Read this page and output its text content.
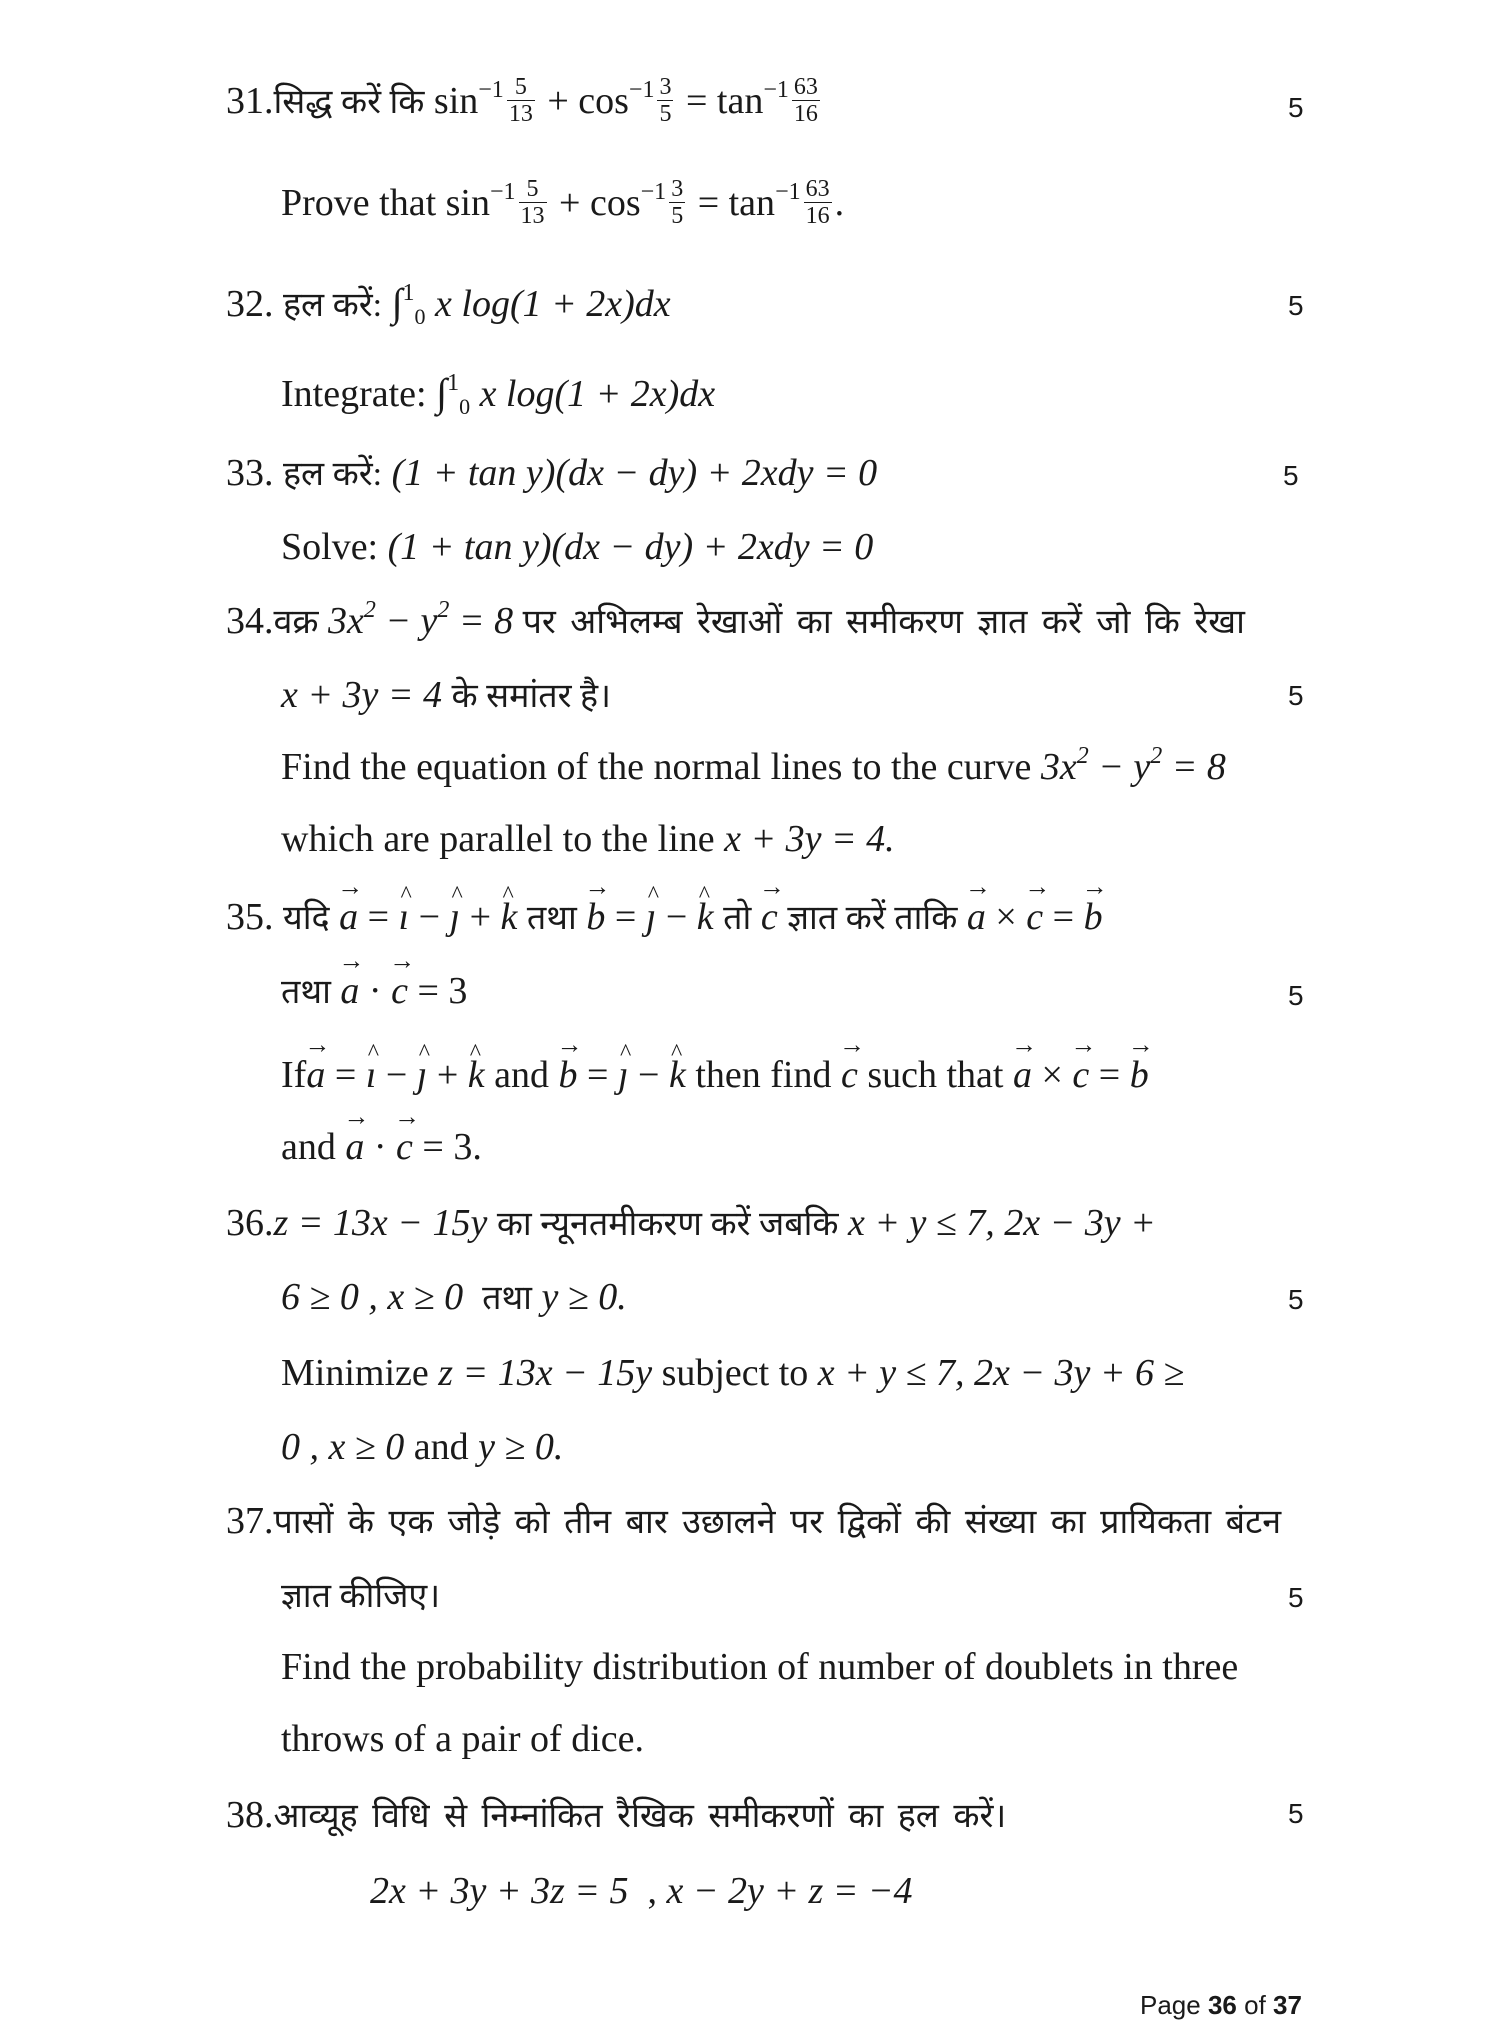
31.सिद्ध करें कि $\sin^{-1} \frac{5}{13} + \cos^{-1} \frac{3}{5} = \tan^{-1} \frac{63}{16}$	5
Prove that $\sin^{-1} \frac{5}{13} + \cos^{-1} \frac{3}{5} = \tan^{-1} \frac{63}{16}$ .
32. हल करें: ∫$^1_0$ x log(1 + 2x)dx	5
Integrate: ∫$^1_0$ x log(1 + 2x)dx
33. हल करें: (1 + tan y)(dx − dy) + 2xdy = 0	5
Solve: (1 + tan y)(dx − dy) + 2xdy = 0
34.वक्र $3x^2 - y^2 = 8$ पर अभिलम्ब रेखाओं का समीकरण ज्ञात करें जो कि रेखा
x + 3y = 4 के समांतर है।	5
Find the equation of the normal lines to the curve $3x^2 - y^2 = 8$
which are parallel to the line x + 3y = 4.
35. यदि → a = ^ ı − ^ ȷ + ^ k तथा → b = ^ ȷ − ^ k तो → c ज्ञात करें ताकि → a × → c = → b
तथा → a · → c = 3	5
If→ a = ^ ı − ^ ȷ + ^ k and → b = ^ ȷ − ^ k then find → c such that → a × → c = → b
and → a · → c = 3.
36.z = 13x − 15y का न्यूनतमीकरण करें जबकि x + y ≤ 7, 2x − 3y +
6 ≥ 0 , x ≥ 0 तथा y ≥ 0.	5
Minimize z = 13x − 15y subject to x + y ≤ 7, 2x − 3y + 6 ≥
0 , x ≥ 0 and y ≥ 0.
37.पासों के एक जोड़े को तीन बार उछालने पर द्विकों की संख्या का प्रायिकता बंटन
ज्ञात कीजिए।	5
Find the probability distribution of number of doublets in three
throws of a pair of dice.
38.आव्यूह विधि से निम्नांकित रैखिक समीकरणों का हल करें।	5
2x + 3y + 3z = 5  , x − 2y + z = −4
Page 36 of 37
